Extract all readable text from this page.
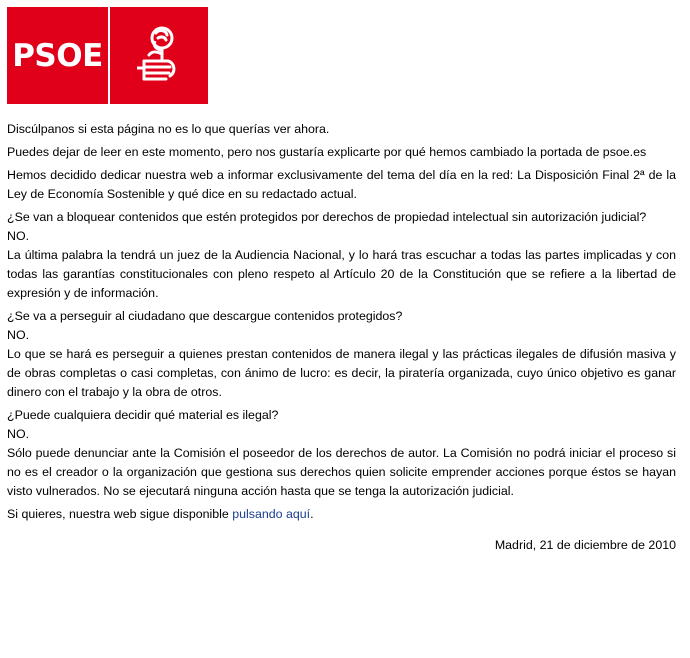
PSOE

Discúlpanos si esta página no es lo que querías ver ahora.

Puedes dejar de leer en este momento, pero nos gustaría explicarte por qué hemos cambiado la portada de psoe.es

Hemos decidido dedicar nuestra web a informar exclusivamente del tema del día en la red: La Disposición Final 2ª de la Ley de Economía Sostenible y qué dice en su redactado actual.

¿Se van a bloquear contenidos que estén protegidos por derechos de propiedad intelectual sin autorización judicial?
NO.
La última palabra la tendrá un juez de la Audiencia Nacional, y lo hará tras escuchar a todas las partes implicadas y con todas las garantías constitucionales con pleno respeto al Artículo 20 de la Constitución que se refiere a la libertad de expresión y de información.
¿Se va a perseguir al ciudadano que descargue contenidos protegidos?
NO.
Lo que se hará es perseguir a quienes prestan contenidos de manera ilegal y las prácticas ilegales de difusión masiva y de obras completas o casi completas, con ánimo de lucro: es decir, la piratería organizada, cuyo único objetivo es ganar dinero con el trabajo y la obra de otros.
¿Puede cualquiera decidir qué material es ilegal?
NO.
Sólo puede denunciar ante la Comisión el poseedor de los derechos de autor. La Comisión no podrá iniciar el proceso si no es el creador o la organización que gestiona sus derechos quien solicite emprender acciones porque éstos se hayan visto vulnerados. No se ejecutará ninguna acción hasta que se tenga la autorización judicial.

Si quieres, nuestra web sigue disponible pulsando aquí.

Madrid, 21 de diciembre de 2010
